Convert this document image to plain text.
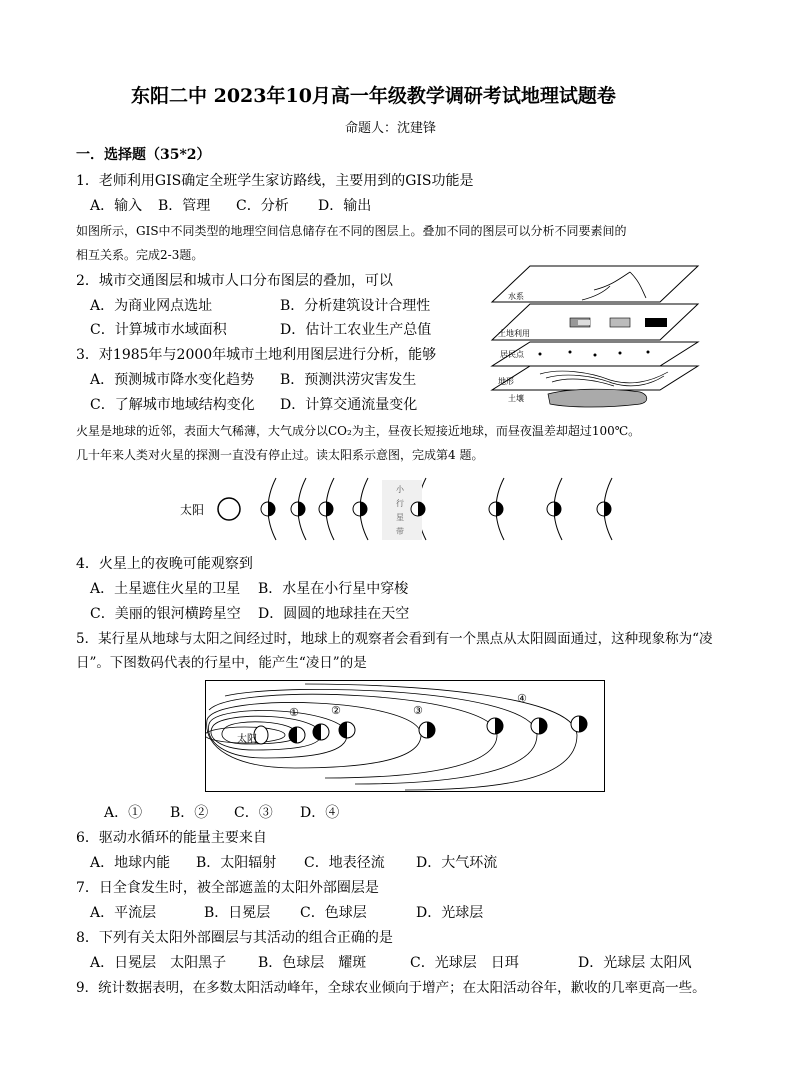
东阳二中 2023年10月高一年级教学调研考试地理试题卷
命题人：沈建锋
一．选择题（35*2）
1．老师利用GIS确定全班学生家访路线，主要用到的GIS功能是
A．输入 B．管理 C．分析 D．输出
如图所示，GIS中不同类型的地理空间信息储存在不同的图层上。叠加不同的图层可以分析不同要素间的
相互关系。完成2-3题。
2．城市交通图层和城市人口分布图层的叠加，可以
A．为商业网点选址	B．分析建筑设计合理性
C．计算城市水域面积	D．估计工农业生产总值
3．对1985年与2000年城市土地利用图层进行分析，能够
A．预测城市降水变化趋势 B．预测洪涝灾害发生
C．了解城市地域结构变化 D．计算交通流量变化
水系
土地利用
居民点
地形
土壤
火星是地球的近邻，表面大气稀薄，大气成分以CO₂为主，昼夜长短接近地球，而昼夜温差却超过100℃。
几十年来人类对火星的探测一直没有停止过。读太阳系示意图，完成第4 题。
太阳
小
行
星
带
4．火星上的夜晚可能观察到
A．土星遮住火星的卫星 B．水星在小行星中穿梭
C．美丽的银河横跨星空 D．圆圆的地球挂在天空
5．某行星从地球与太阳之间经过时，地球上的观察者会看到有一个黑点从太阳圆面通过，这种现象称为“凌
日”。下图数码代表的行星中，能产生“凌日”的是
太阳
①	②	③
④
A．① B．② C．③ D．④
6．驱动水循环的能量主要来自
A．地球内能 B．太阳辐射 C．地表径流 D．大气环流
7．日全食发生时，被全部遮盖的太阳外部圈层是
A．平流层	B．日冕层 C．色球层	D．光球层
8．下列有关太阳外部圈层与其活动的组合正确的是
A．日冕层　太阳黑子 B．色球层　耀斑	C．光球层　日珥	D．光球层 太阳风
9．统计数据表明，在多数太阳活动峰年，全球农业倾向于增产；在太阳活动谷年，歉收的几率更高一些。
